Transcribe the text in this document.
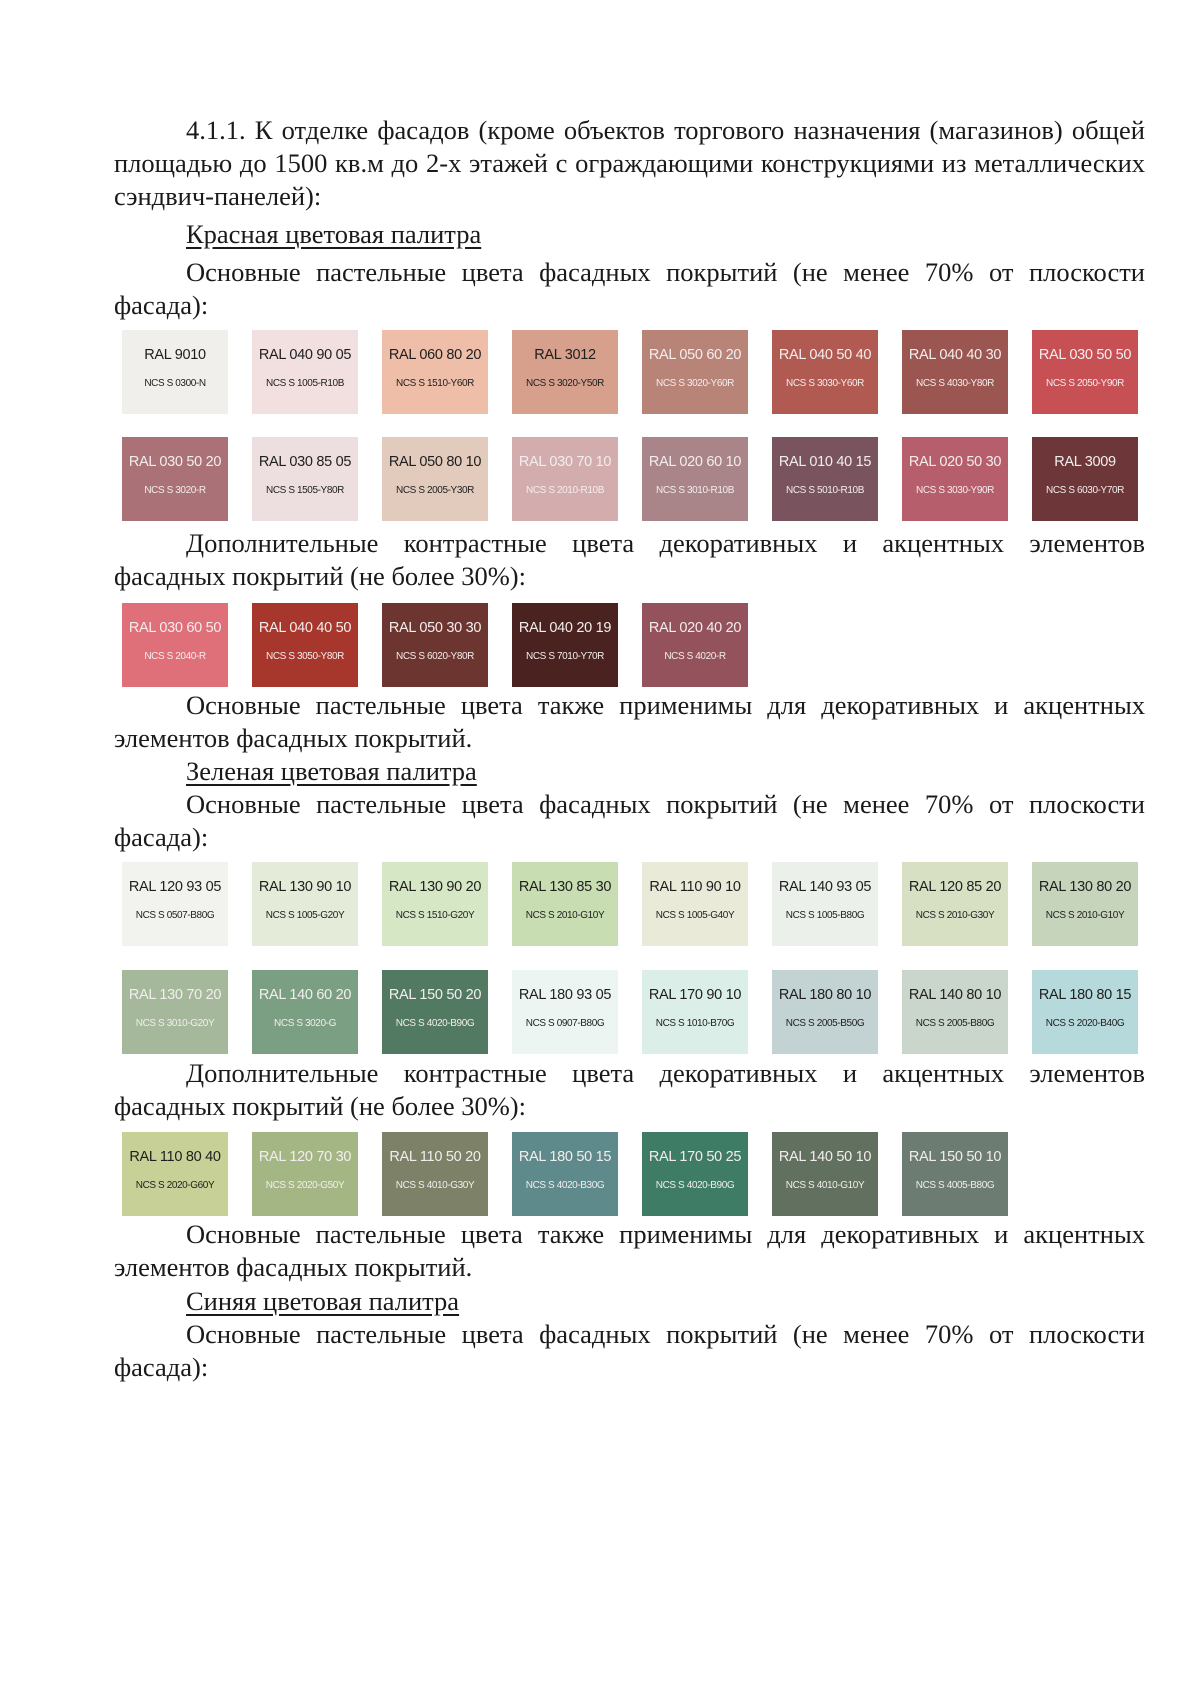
4.1.1. К отделке фасадов (кроме объектов торгового назначения (магазинов) общей площадью до 1500 кв.м до 2-х этажей с ограждающими конструкциями из металлических сэндвич-панелей):
Красная цветовая палитра
Основные пастельные цвета фасадных покрытий (не менее 70% от плоскости фасада):
RAL 9010
NCS S 0300-N
RAL 040 90 05
NCS S 1005-R10B
RAL 060 80 20
NCS S 1510-Y60R
RAL 3012
NCS S 3020-Y50R
RAL 050 60 20
NCS S 3020-Y60R
RAL 040 50 40
NCS S 3030-Y60R
RAL 040 40 30
NCS S 4030-Y80R
RAL 030 50 50
NCS S 2050-Y90R
RAL 030 50 20
NCS S 3020-R
RAL 030 85 05
NCS S 1505-Y80R
RAL 050 80 10
NCS S 2005-Y30R
RAL 030 70 10
NCS S 2010-R10B
RAL 020 60 10
NCS S 3010-R10B
RAL 010 40 15
NCS S 5010-R10B
RAL 020 50 30
NCS S 3030-Y90R
RAL 3009
NCS S 6030-Y70R
Дополнительные контрастные цвета декоративных и акцентных элементов фасадных покрытий (не более 30%):
RAL 030 60 50
NCS S 2040-R
RAL 040 40 50
NCS S 3050-Y80R
RAL 050 30 30
NCS S 6020-Y80R
RAL 040 20 19
NCS S 7010-Y70R
RAL 020 40 20
NCS S 4020-R
Основные пастельные цвета также применимы для декоративных и акцентных элементов фасадных покрытий.
Зеленая цветовая палитра
Основные пастельные цвета фасадных покрытий (не менее 70% от плоскости фасада):
RAL 120 93 05
NCS S 0507-B80G
RAL 130 90 10
NCS S 1005-G20Y
RAL 130 90 20
NCS S 1510-G20Y
RAL 130 85 30
NCS S 2010-G10Y
RAL 110 90 10
NCS S 1005-G40Y
RAL 140 93 05
NCS S 1005-B80G
RAL 120 85 20
NCS S 2010-G30Y
RAL 130 80 20
NCS S 2010-G10Y
RAL 130 70 20
NCS S 3010-G20Y
RAL 140 60 20
NCS S 3020-G
RAL 150 50 20
NCS S 4020-B90G
RAL 180 93 05
NCS S 0907-B80G
RAL 170 90 10
NCS S 1010-B70G
RAL 180 80 10
NCS S 2005-B50G
RAL 140 80 10
NCS S 2005-B80G
RAL 180 80 15
NCS S 2020-B40G
Дополнительные контрастные цвета декоративных и акцентных элементов фасадных покрытий (не более 30%):
RAL 110 80 40
NCS S 2020-G60Y
RAL 120 70 30
NCS S 2020-G50Y
RAL 110 50 20
NCS S 4010-G30Y
RAL 180 50 15
NCS S 4020-B30G
RAL 170 50 25
NCS S 4020-B90G
RAL 140 50 10
NCS S 4010-G10Y
RAL 150 50 10
NCS S 4005-B80G
Основные пастельные цвета также применимы для декоративных и акцентных элементов фасадных покрытий.
Синяя цветовая палитра
Основные пастельные цвета фасадных покрытий (не менее 70% от плоскости фасада):
